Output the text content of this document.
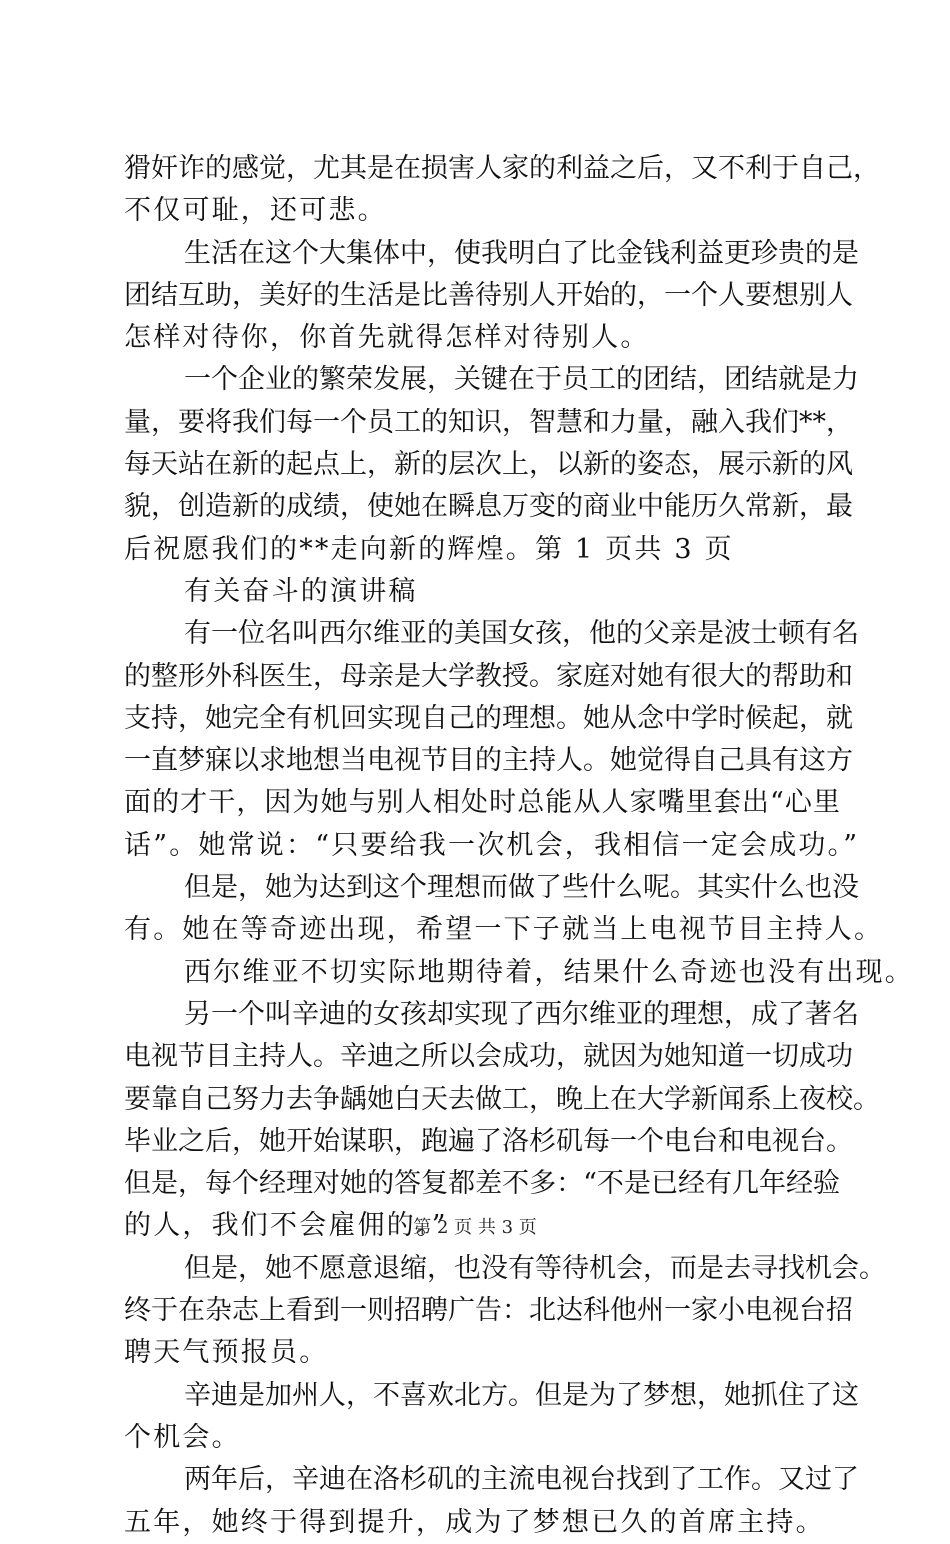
猾奸诈的感觉，尤其是在损害人家的利益之后，又不利于自己，
不仅可耻，还可悲。
生活在这个大集体中，使我明白了比金钱利益更珍贵的是
团结互助，美好的生活是比善待别人开始的，一个人要想别人
怎样对待你，你首先就得怎样对待别人。
一个企业的繁荣发展，关键在于员工的团结，团结就是力
量，要将我们每一个员工的知识，智慧和力量，融入我们**，
每天站在新的起点上，新的层次上，以新的姿态，展示新的风
貌，创造新的成绩，使她在瞬息万变的商业中能历久常新，最
后祝愿我们的**走向新的辉煌。第 1 页共 3 页
有关奋斗的演讲稿
有一位名叫西尔维亚的美国女孩，他的父亲是波士顿有名
的整形外科医生，母亲是大学教授。家庭对她有很大的帮助和
支持，她完全有机回实现自己的理想。她从念中学时候起，就
一直梦寐以求地想当电视节目的主持人。她觉得自己具有这方
面的才干，因为她与别人相处时总能从人家嘴里套出“心里
话”。她常说：“只要给我一次机会，我相信一定会成功。”
但是，她为达到这个理想而做了些什么呢。其实什么也没
有。她在等奇迹出现，希望一下子就当上电视节目主持人。
西尔维亚不切实际地期待着，结果什么奇迹也没有出现。
另一个叫辛迪的女孩却实现了西尔维亚的理想，成了著名
电视节目主持人。辛迪之所以会成功，就因为她知道一切成功
要靠自己努力去争龋她白天去做工，晚上在大学新闻系上夜校。
毕业之后，她开始谋职，跑遍了洛杉矶每一个电台和电视台。
但是，每个经理对她的答复都差不多：“不是已经有几年经验
的人，我们不会雇佣的。”
但是，她不愿意退缩，也没有等待机会，而是去寻找机会。
终于在杂志上看到一则招聘广告：北达科他州一家小电视台招
聘天气预报员。
辛迪是加州人，不喜欢北方。但是为了梦想，她抓住了这
个机会。
两年后，辛迪在洛杉矶的主流电视台找到了工作。又过了
五年，她终于得到提升，成为了梦想已久的首席主持。
第 2 页 共 3 页
